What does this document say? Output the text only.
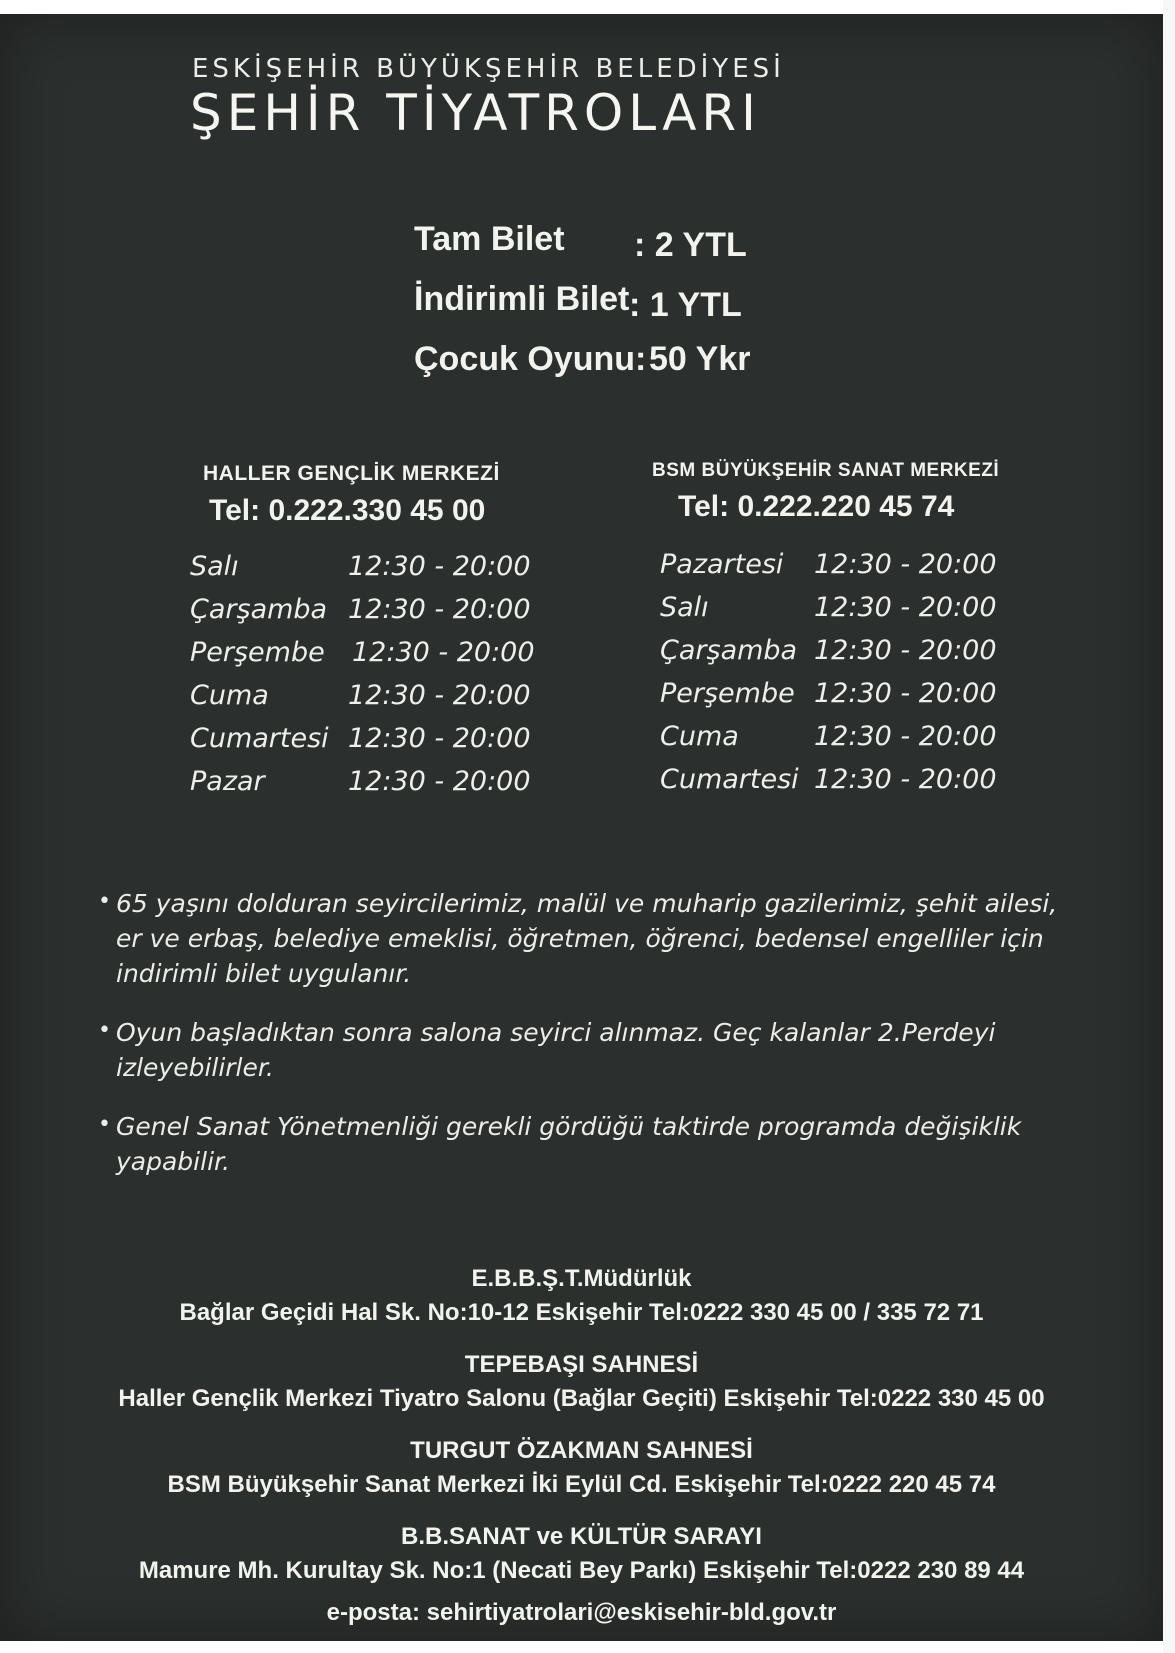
ESKİŞEHİR BÜYÜKŞEHİR BELEDİYESİ
ŞEHİR TİYATROLARI
Tam Bilet : 2 YTL
İndirimli Bilet : 1 YTL
Çocuk Oyunu: 50 Ykr
HALLER GENÇLİK MERKEZİ
Tel: 0.222.330 45 00
BSM BÜYÜKŞEHİR SANAT MERKEZİ
Tel: 0.222.220 45 74
Salı	12:30 - 20:00
Çarşamba 12:30 - 20:00
Perşembe 12:30 - 20:00
Cuma	12:30 - 20:00
Cumartesi 12:30 - 20:00
Pazar	12:30 - 20:00
Pazartesi 12:30 - 20:00
Salı	12:30 - 20:00
Çarşamba 12:30 - 20:00
Perşembe 12:30 - 20:00
Cuma	12:30 - 20:00
Cumartesi 12:30 - 20:00
• 65 yaşını dolduran seyircilerimiz, malül ve muharip gazilerimiz, şehit ailesi, er ve erbaş, belediye emeklisi, öğretmen, öğrenci, bedensel engelliler için indirimli bilet uygulanır.
• Oyun başladıktan sonra salona seyirci alınmaz. Geç kalanlar 2.Perdeyi izleyebilirler.
• Genel Sanat Yönetmenliği gerekli gördüğü taktirde programda değişiklik yapabilir.
E.B.B.Ş.T.Müdürlük
Bağlar Geçidi Hal Sk. No:10-12 Eskişehir Tel:0222 330 45 00 / 335 72 71
TEPEBAŞI SAHNESİ
Haller Gençlik Merkezi Tiyatro Salonu (Bağlar Geçiti) Eskişehir Tel:0222 330 45 00
TURGUT ÖZAKMAN SAHNESİ
BSM Büyükşehir Sanat Merkezi İki Eylül Cd. Eskişehir Tel:0222 220 45 74
B.B.SANAT ve KÜLTÜR SARAYI
Mamure Mh. Kurultay Sk. No:1 (Necati Bey Parkı) Eskişehir Tel:0222 230 89 44
e-posta: sehirtiyatrolari@eskisehir-bld.gov.tr
